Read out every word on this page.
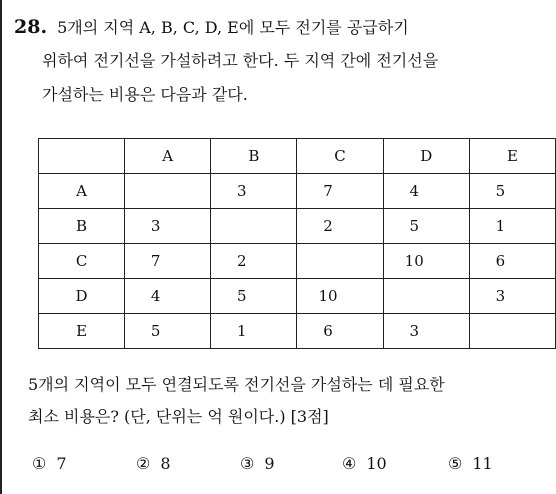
28. 5개의 지역 A, B, C, D, E에 모두 전기를 공급하기
위하여 전기선을 가설하려고 한다. 두 지역 간에 전기선을
가설하는 비용은 다음과 같다.
	A	B	C	D	E
A		3	7	4	5
B	3		2	5	1
C	7	2		10	6
D	4	5	10		3
E	5	1	6	3	
5개의 지역이 모두 연결되도록 전기선을 가설하는 데 필요한
최소 비용은? (단, 단위는 억 원이다.) [3점]
① 7	② 8	③ 9	④ 10	⑤ 11
